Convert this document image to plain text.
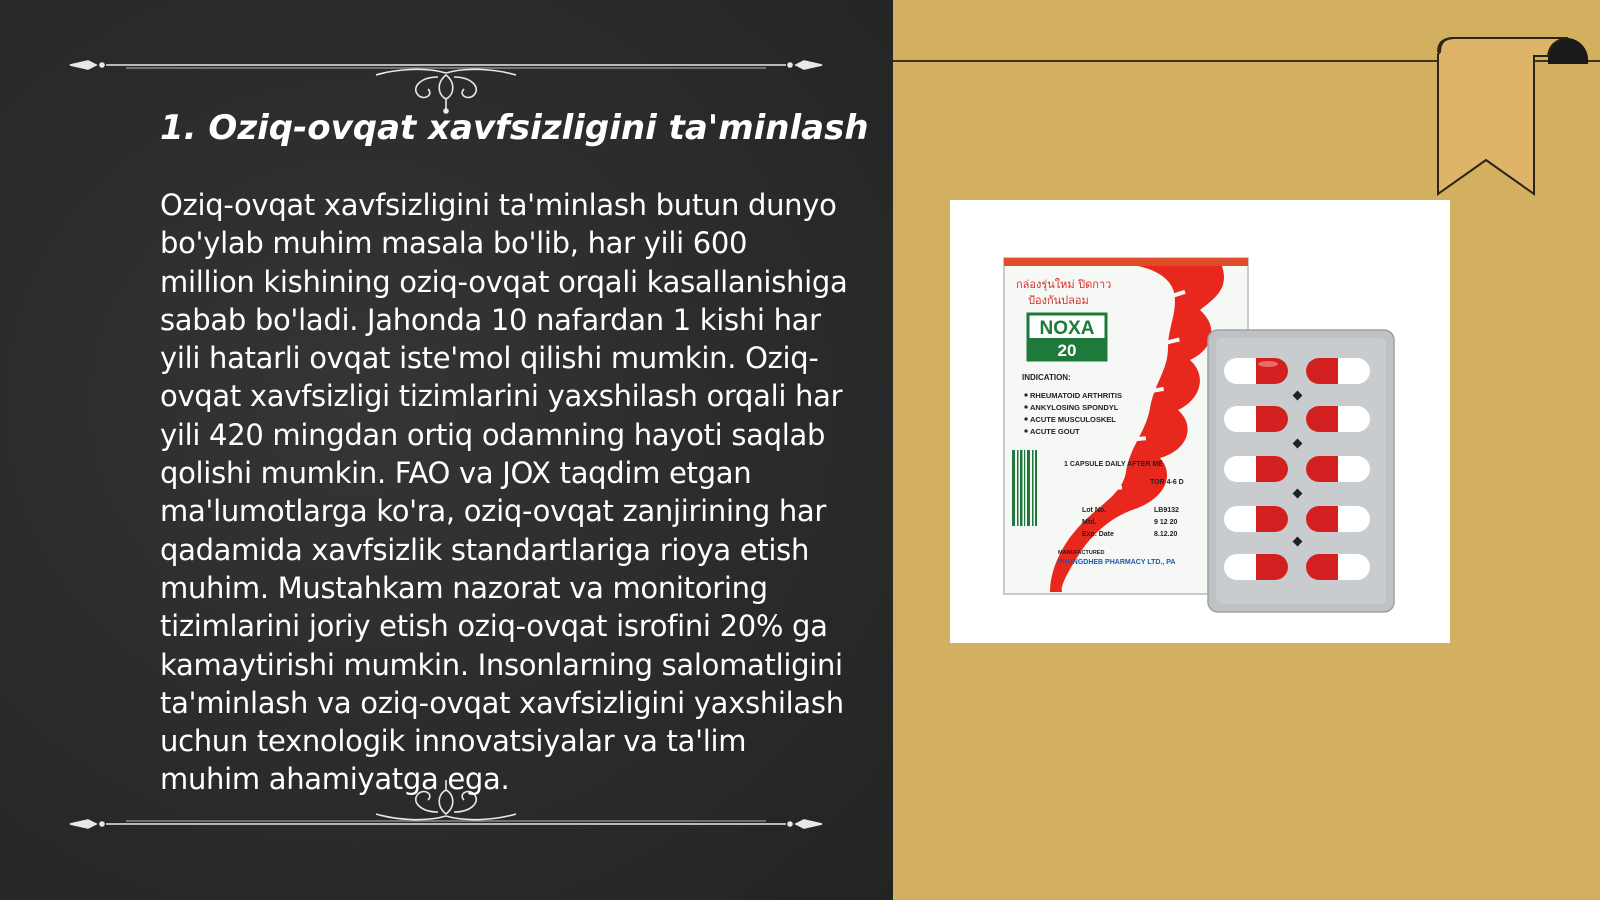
1. Oziq-ovqat xavfsizligini ta'minlash

Oziq-ovqat xavfsizligini ta'minlash butun dunyo bo'ylab muhim masala bo'lib, har yili 600 million kishining oziq-ovqat orqali kasallanishiga sabab bo'ladi. Jahonda 10 nafardan 1 kishi har yili hatarli ovqat iste'mol qilishi mumkin. Oziq-ovqat xavfsizligi tizimlarini yaxshilash orqali har yili 420 mingdan ortiq odamning hayoti saqlab qolishi mumkin. FAO va JOX taqdim etgan ma'lumotlarga ko'ra, oziq-ovqat zanjirining har qadamida xavfsizlik standartlariga rioya etish muhim. Mustahkam nazorat va monitoring tizimlarini joriy etish oziq-ovqat isrofini 20% ga kamaytirishi mumkin. Insonlarning salomatligini ta'minlash va oziq-ovqat xavfsizligini yaxshilash uchun texnologik innovatsiyalar va ta'lim muhim ahamiyatga ega.

NOXA
20
กล่องรุ่นใหม่ ปิดกาว
ป้องกันปลอม
INDICATION:
RHEUMATOID ARTHRITIS
ANKYLOSING SPONDYL
ACUTE MUSCULOSKEL
ACUTE GOUT
1 CAPSULE DAILY AFTER ME
TOR 4-6 D
Lot No.	LB9132
Mfd.	9 12 20
Exp. Date	8.12.20
MANUFACTURED
PHUNGDHEB PHARMACY LTD., PA
